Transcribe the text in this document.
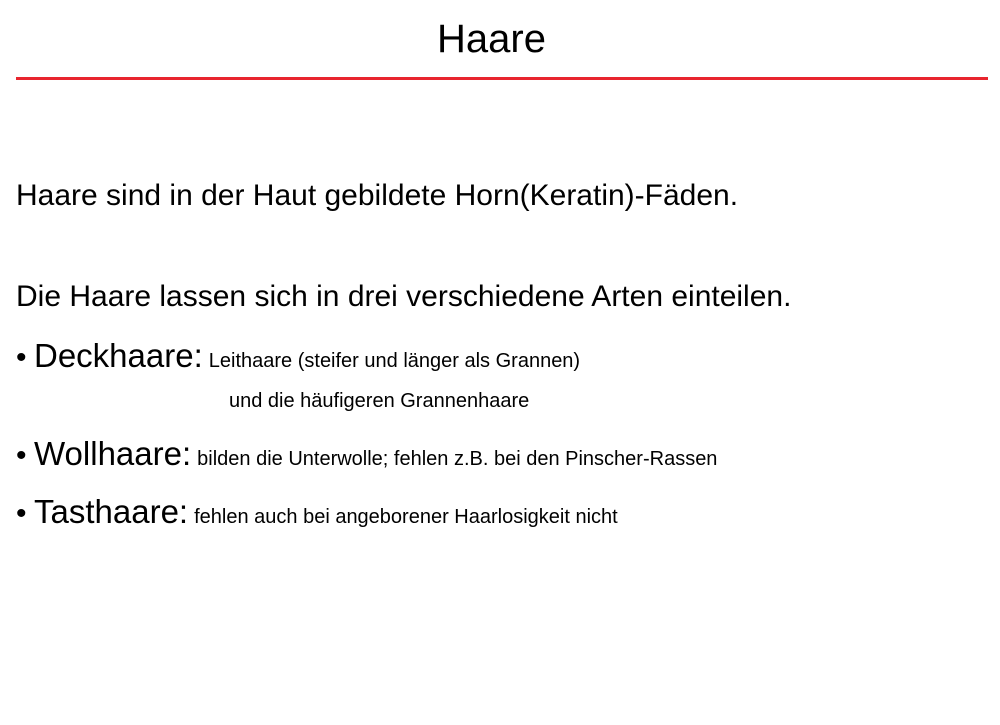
Haare
Haare sind in der Haut gebildete Horn(Keratin)-Fäden.
Die Haare lassen sich in drei verschiedene Arten einteilen.
• Deckhaare: Leithaare (steifer und länger als Grannen)
und die häufigeren Grannenhaare
• Wollhaare: bilden die Unterwolle; fehlen z.B. bei den Pinscher-Rassen
• Tasthaare: fehlen auch bei angeborener Haarlosigkeit nicht
